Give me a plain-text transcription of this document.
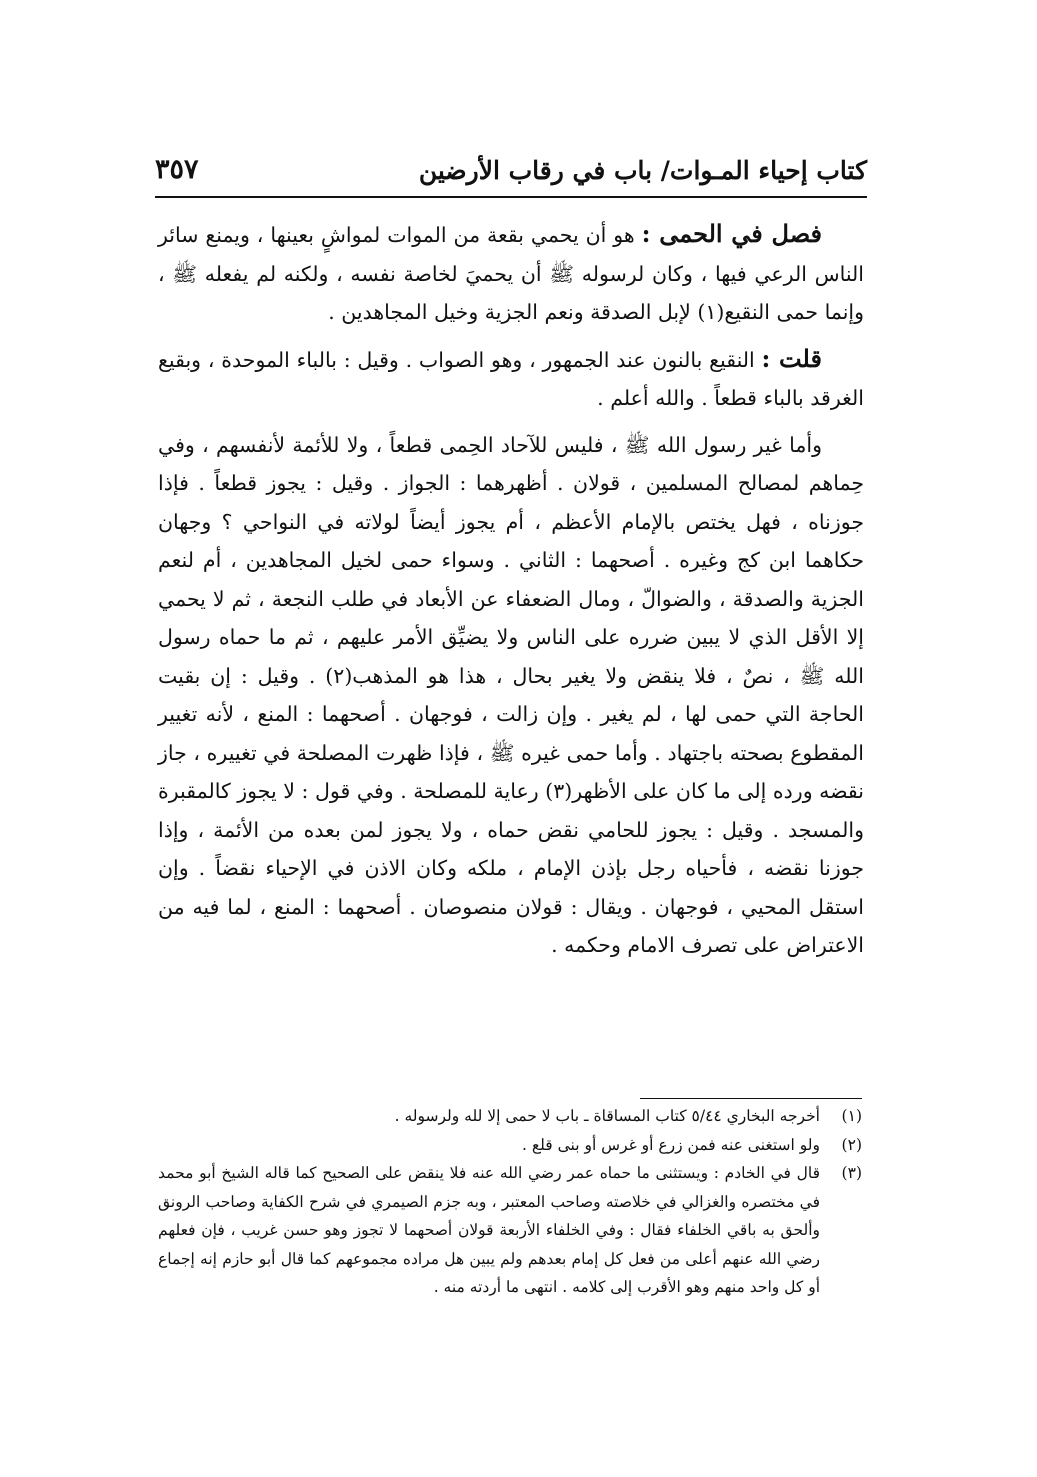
كتاب إحياء المـوات/ باب في رقاب الأرضين
٣٥٧

فصل في الحمى : هو أن يحمي بقعة من الموات لمواشٍ بعينها ، ويمنع سائر الناس الرعي فيها ، وكان لرسوله ﷺ أن يحميَ لخاصة نفسه ، ولكنه لم يفعله ﷺ ، وإنما حمى النقيع(١) لإبل الصدقة ونعم الجزية وخيل المجاهدين .

قلت : النقيع بالنون عند الجمهور ، وهو الصواب . وقيل : بالباء الموحدة ، وبقيع الغرقد بالباء قطعاً . والله أعلم .

وأما غير رسول الله ﷺ ، فليس للآحاد الحِمى قطعاً ، ولا للأئمة لأنفسهم ، وفي حِماهم لمصالح المسلمين ، قولان . أظهرهما : الجواز . وقيل : يجوز قطعاً . فإذا جوزناه ، فهل يختص بالإمام الأعظم ، أم يجوز أيضاً لولاته في النواحي ؟ وجهان حكاهما ابن كج وغيره . أصحهما : الثاني . وسواء حمى لخيل المجاهدين ، أم لنعم الجزية والصدقة ، والضوالّ ، ومال الضعفاء عن الأبعاد في طلب النجعة ، ثم لا يحمي إلا الأقل الذي لا يبين ضرره على الناس ولا يضيِّق الأمر عليهم ، ثم ما حماه رسول الله ﷺ ، نصٌ ، فلا ينقض ولا يغير بحال ، هذا هو المذهب(٢) . وقيل : إن بقيت الحاجة التي حمى لها ، لم يغير . وإن زالت ، فوجهان . أصحهما : المنع ، لأنه تغيير المقطوع بصحته باجتهاد . وأما حمى غيره ﷺ ، فإذا ظهرت المصلحة في تغييره ، جاز نقضه ورده إلى ما كان على الأظهر(٣) رعاية للمصلحة . وفي قول : لا يجوز كالمقبرة والمسجد . وقيل : يجوز للحامي نقض حماه ، ولا يجوز لمن بعده من الأئمة ، وإذا جوزنا نقضه ، فأحياه رجل بإذن الإمام ، ملكه وكان الاذن في الإحياء نقضاً . وإن استقل المحيي ، فوجهان . ويقال : قولان منصوصان . أصحهما : المنع ، لما فيه من الاعتراض على تصرف الامام وحكمه .

(١)
أخرجه البخاري ٥/٤٤ كتاب المساقاة ـ باب لا حمى إلا لله ولرسوله .
(٢)
ولو استغنى عنه فمن زرع أو غرس أو بنى قلع .
(٣)
قال في الخادم : ويستثنى ما حماه عمر رضي الله عنه فلا ينقض على الصحيح كما قاله الشيخ أبو محمد في مختصره والغزالي في خلاصته وصاحب المعتبر ، وبه جزم الصيمري في شرح الكفاية وصاحب الرونق وألحق به باقي الخلفاء فقال : وفي الخلفاء الأربعة قولان أصحهما لا تجوز وهو حسن غريب ، فإن فعلهم رضي الله عنهم أعلى من فعل كل إمام بعدهم ولم يبين هل مراده مجموعهم كما قال أبو حازم إنه إجماع أو كل واحد منهم وهو الأقرب إلى كلامه . انتهى ما أردته منه .
